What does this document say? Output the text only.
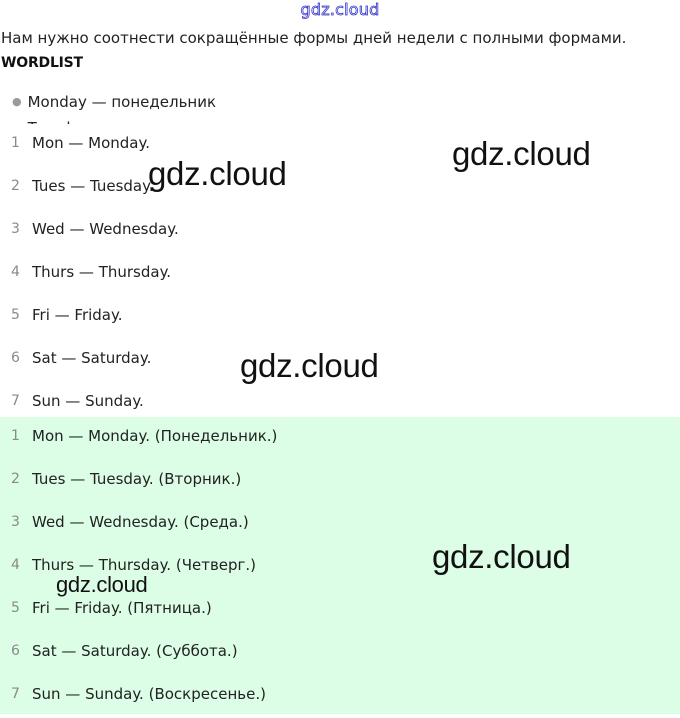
gdz.cloud
Нам нужно соотнести сокращённые формы дней недели с полными формами.
WORDLIST
● Monday — понедельник
1 Mon — Monday.
2 Tues — Tuesday.
3 Wed — Wednesday.
4 Thurs — Thursday.
5 Fri — Friday.
6 Sat — Saturday.
7 Sun — Sunday.
1 Mon — Monday. (Понедельник.)
2 Tues — Tuesday. (Вторник.)
3 Wed — Wednesday. (Среда.)
4 Thurs — Thursday. (Четверг.)
5 Fri — Friday. (Пятница.)
6 Sat — Saturday. (Суббота.)
7 Sun — Sunday. (Воскресенье.)
gdz.cloud
gdz.cloud
gdz.cloud
gdz.cloud
gdz.cloud
